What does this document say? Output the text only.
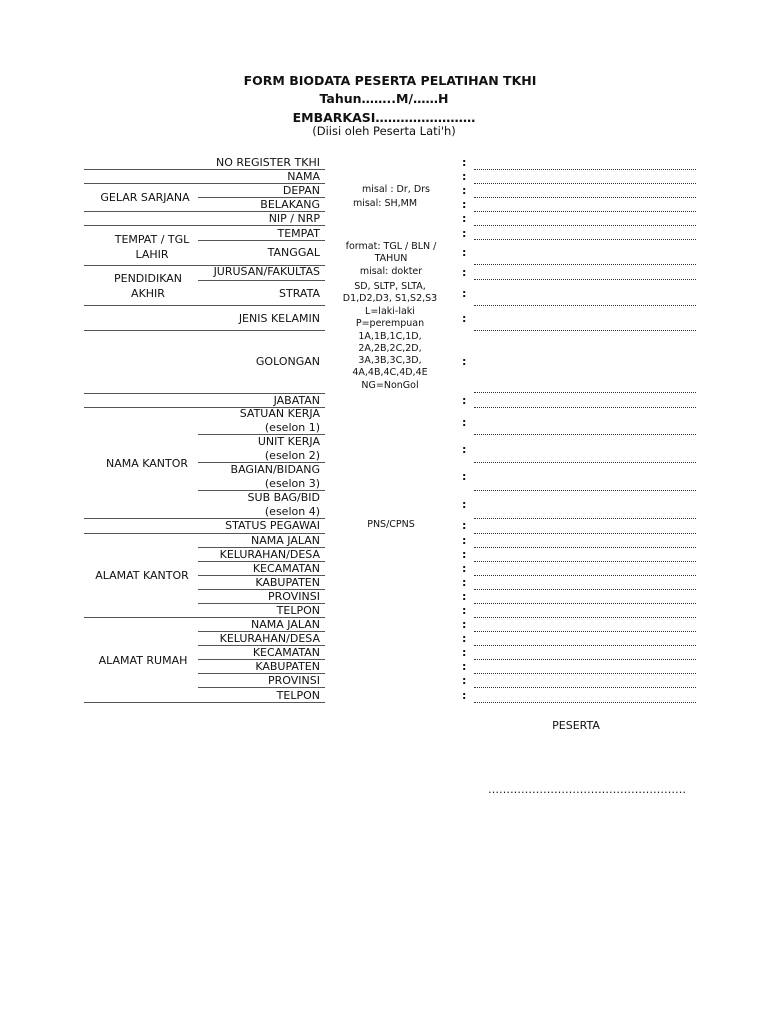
FORM BIODATA PESERTA PELATIHAN TKHI
Tahun……..M/……H
EMBARKASI……………………
(Diisi oleh Peserta Lati'h)
GELAR SARJANA
TEMPAT / TGL
LAHIR
PENDIDIKAN
AKHIR
NAMA KANTOR
ALAMAT KANTOR
ALAMAT RUMAH
NO REGISTER TKHI
NAMA
DEPAN
BELAKANG
NIP / NRP
TEMPAT
TANGGAL
JURUSAN/FAKULTAS
STRATA
JENIS KELAMIN
GOLONGAN
JABATAN
SATUAN KERJA
(eselon 1)
UNIT KERJA
(eselon 2)
BAGIAN/BIDANG
(eselon 3)
SUB BAG/BID
(eselon 4)
STATUS PEGAWAI
NAMA JALAN
KELURAHAN/DESA
KECAMATAN
KABUPATEN
PROVINSI
TELPON
NAMA JALAN
KELURAHAN/DESA
KECAMATAN
KABUPATEN
PROVINSI
TELPON
misal : Dr, Drs
misal: SH,MM
format: TGL / BLN /
TAHUN
misal: dokter
SD, SLTP, SLTA,
D1,D2,D3, S1,S2,S3
L=laki-laki
P=perempuan
1A,1B,1C,1D,
2A,2B,2C,2D,
3A,3B,3C,3D,
4A,4B,4C,4D,4E
NG=NonGol
PNS/CPNS
:
:
:
:
:
:
:
:
:
:
:
:
:
:
:
:
:
:
:
:
:
:
:
:
:
:
:
:
:
PESERTA
………………………………………………
